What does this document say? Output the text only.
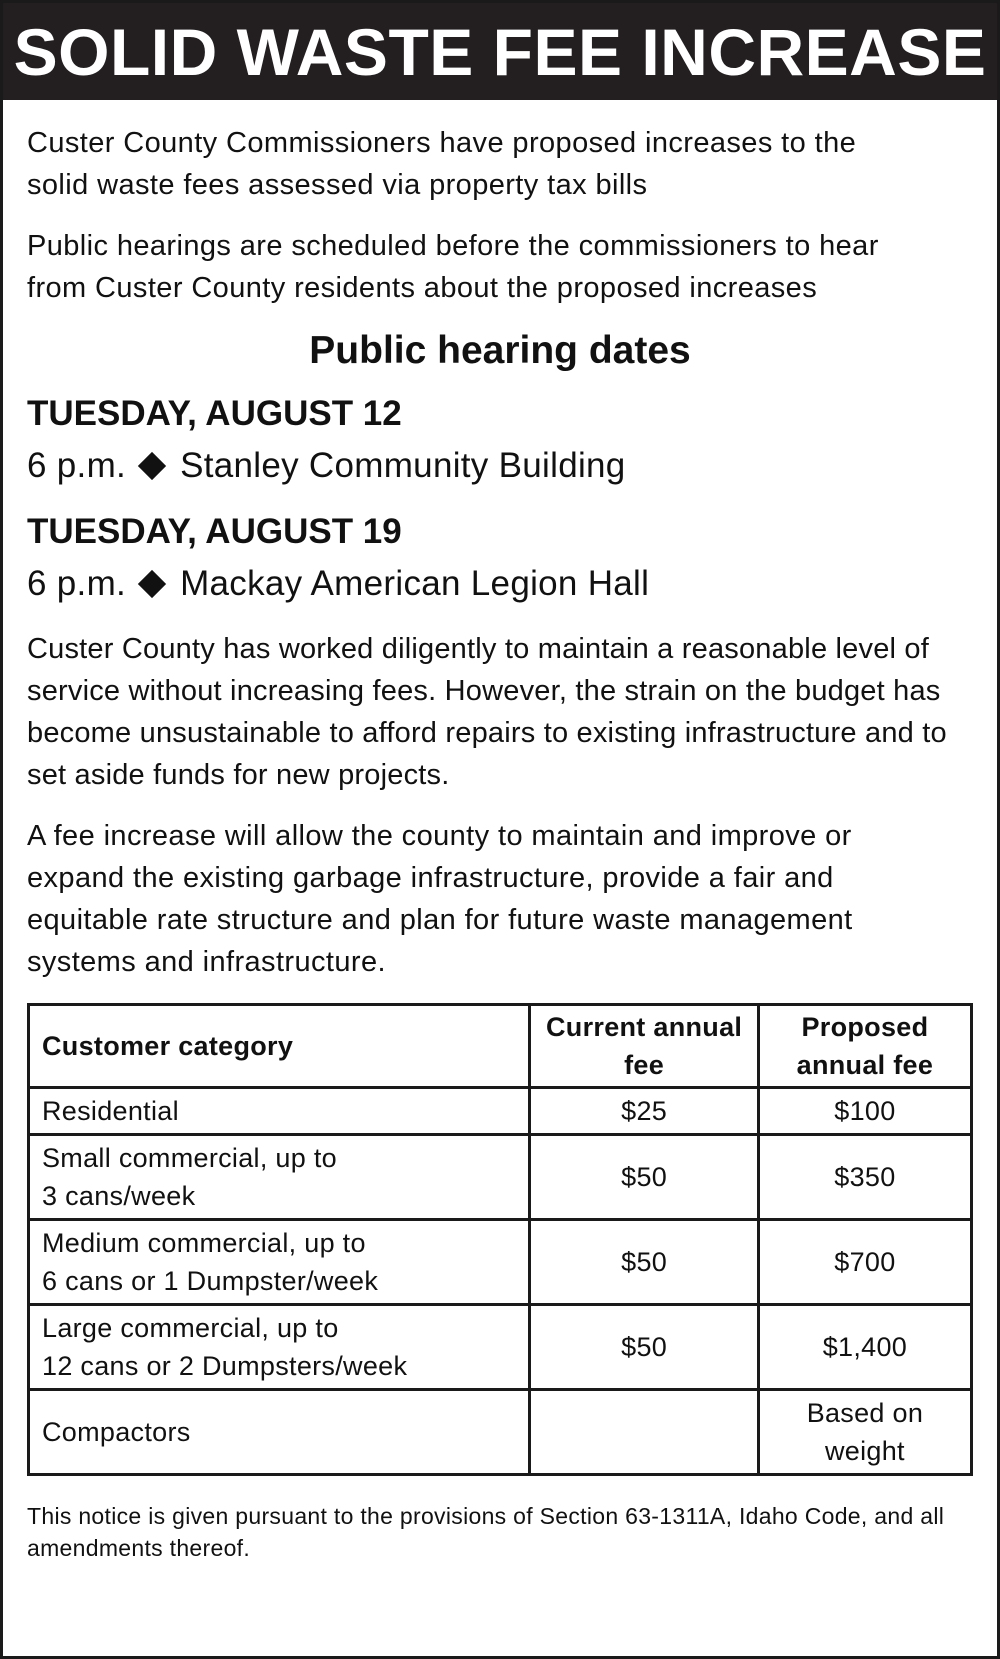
SOLID WASTE FEE INCREASE

Custer County Commissioners have proposed increases to the solid waste fees assessed via property tax bills

Public hearings are scheduled before the commissioners to hear from Custer County residents about the proposed increases

Public hearing dates

TUESDAY, AUGUST 12

6 p.m. Stanley Community Building

TUESDAY, AUGUST 19

6 p.m. Mackay American Legion Hall

Custer County has worked diligently to maintain a reasonable level of service without increasing fees. However, the strain on the budget has become unsustainable to afford repairs to existing infrastructure and to set aside funds for new projects.

A fee increase will allow the county to maintain and improve or expand the existing garbage infrastructure, provide a fair and equitable rate structure and plan for future waste management systems and infrastructure.

Customer category	Current annual fee	Proposed annual fee
Residential	$25	$100
Small commercial, up to
3 cans/week	$50	$350
Medium commercial, up to
6 cans or 1 Dumpster/week	$50	$700
Large commercial, up to
12 cans or 2 Dumpsters/week	$50	$1,400
Compactors		Based on weight

This notice is given pursuant to the provisions of Section 63-1311A, Idaho Code, and all amendments thereof.
